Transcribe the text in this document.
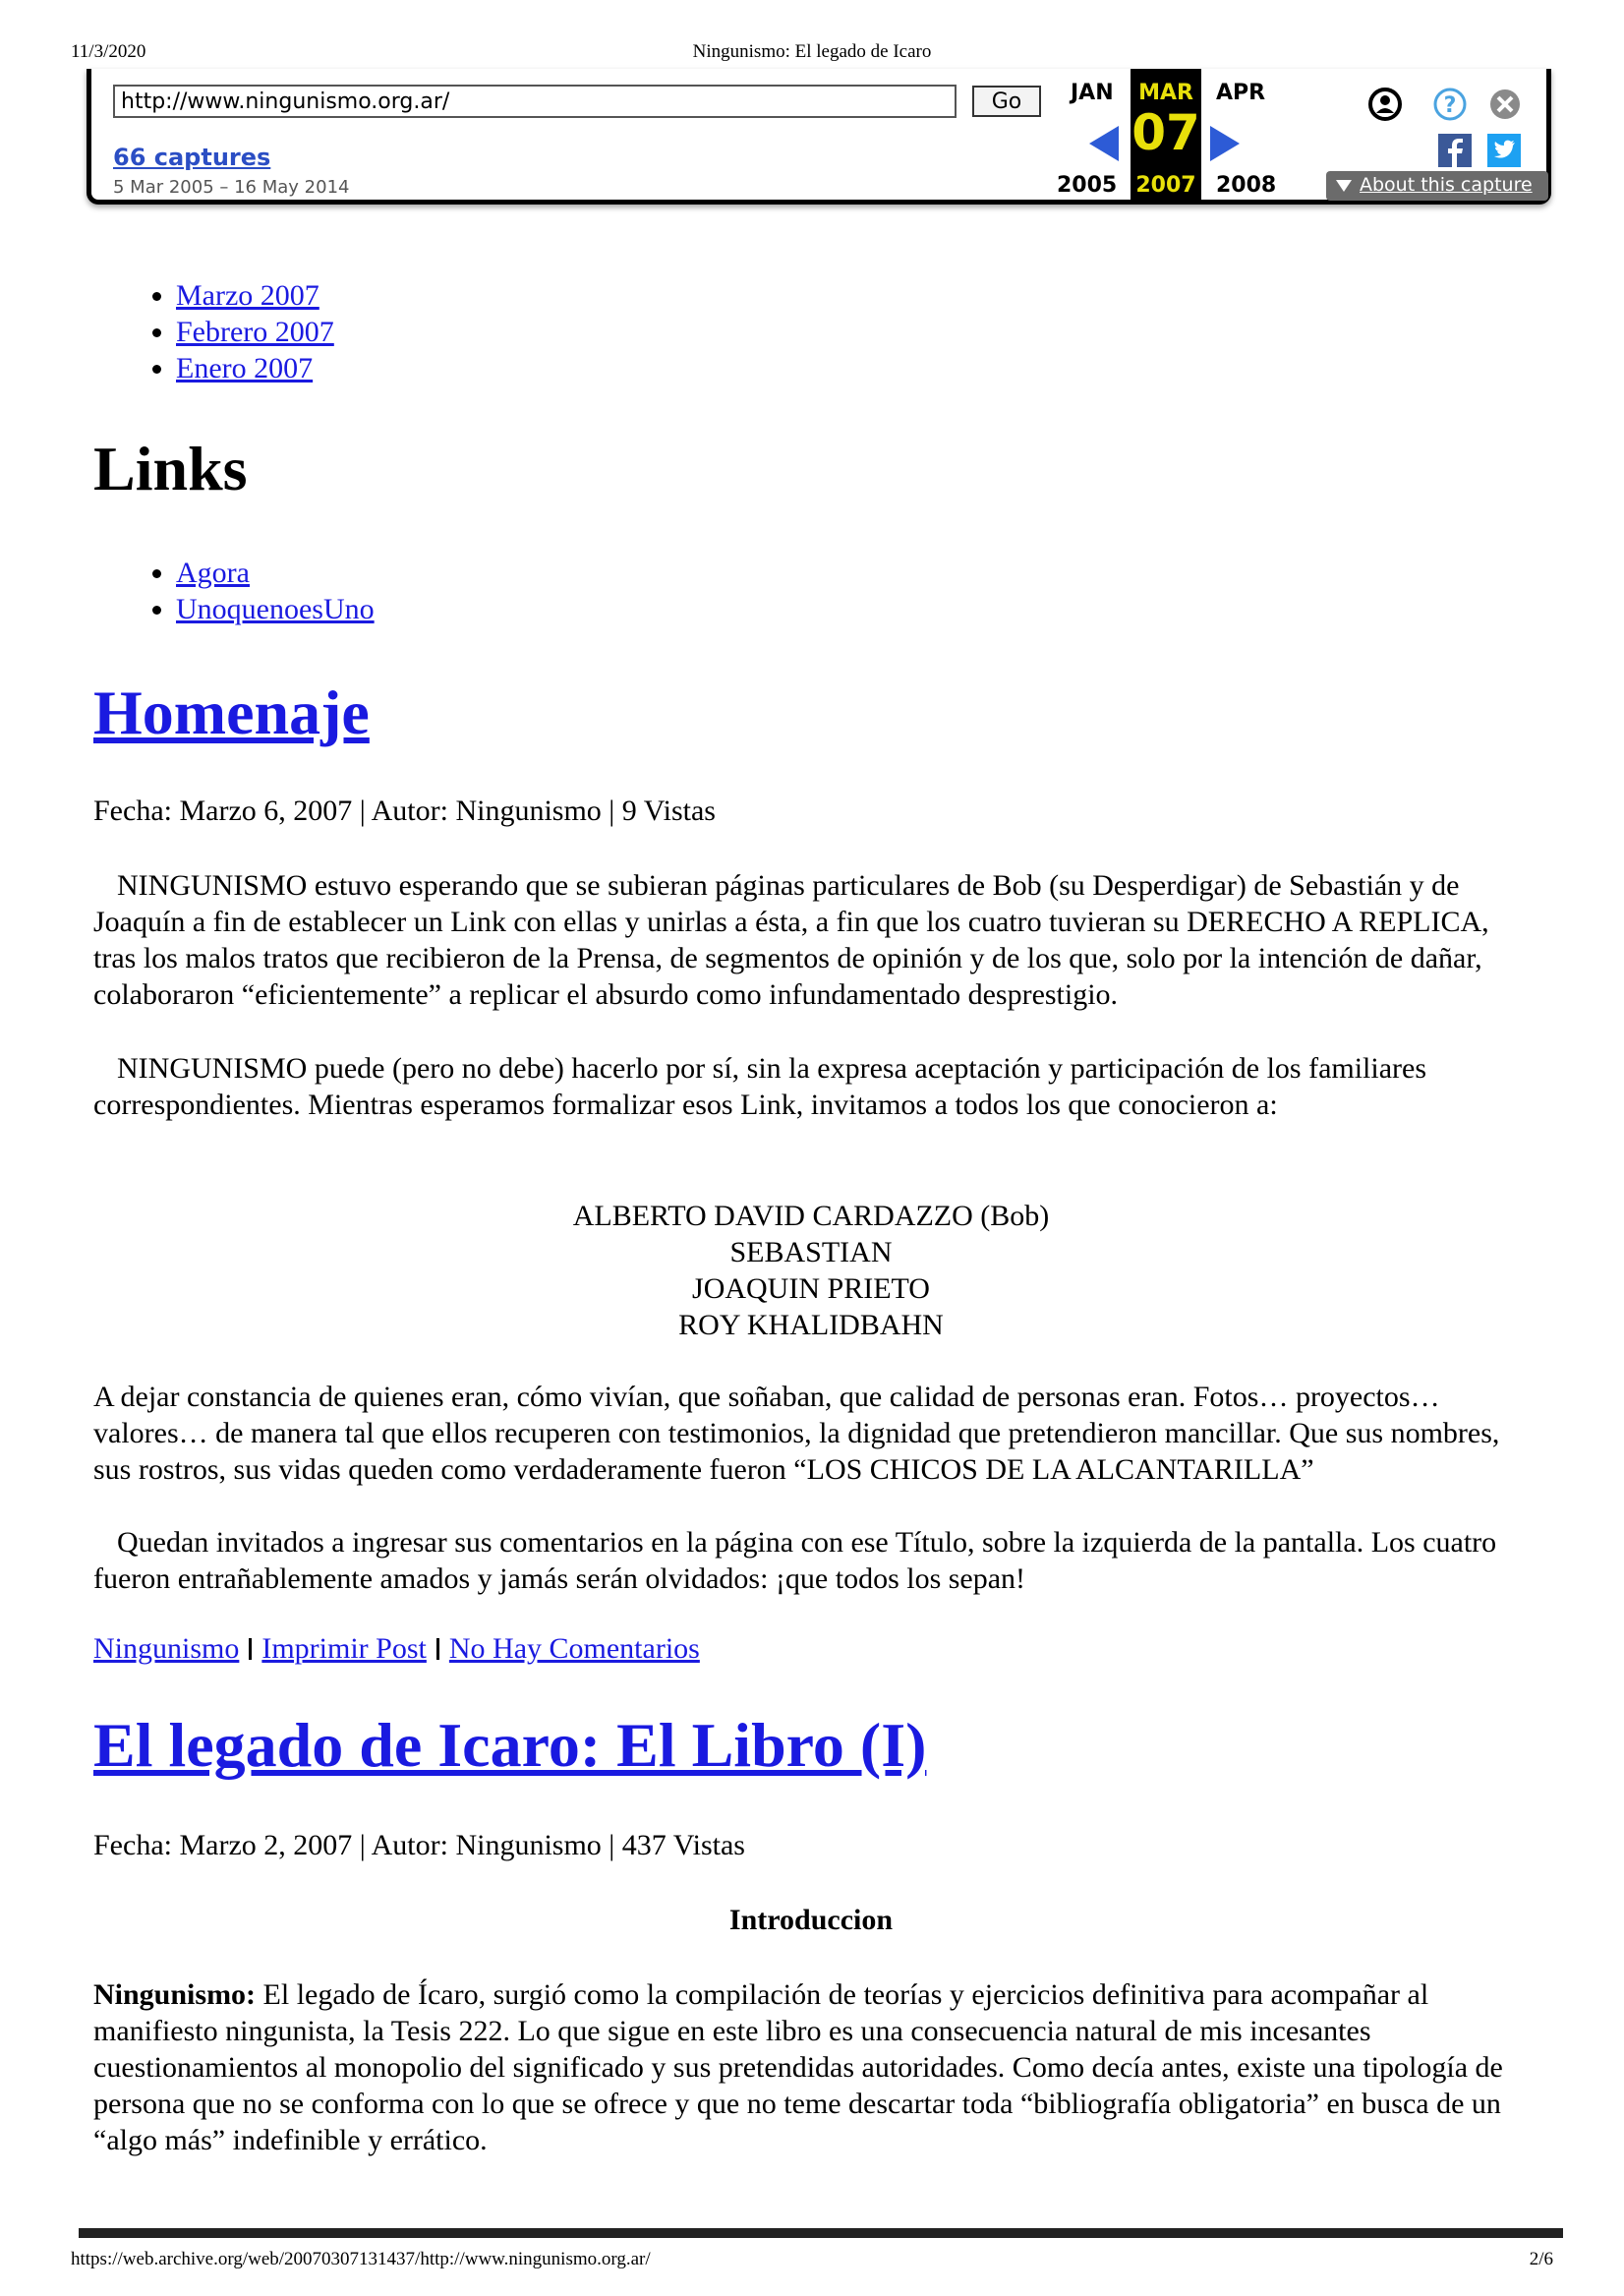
11/3/2020	Ningunismo: El legado de Icaro
http://www.ningunismo.org.ar/
Go
66 captures
5 Mar 2005 – 16 May 2014
JAN	MAR
07
2007
APR
2005	2008
?
About this capture
• Marzo 2007
• Febrero 2007
• Enero 2007
Links
• Agora
• UnoquenoesUno
Homenaje
Fecha: Marzo 6, 2007 | Autor: Ningunismo | 9 Vistas
NINGUNISMO estuvo esperando que se subieran páginas particulares de Bob (su Desperdigar) de Sebastián y de Joaquín a fin de establecer un Link con ellas y unirlas a ésta, a fin que los cuatro tuvieran su DERECHO A REPLICA, tras los malos tratos que recibieron de la Prensa, de segmentos de opinión y de los que, solo por la intención de dañar, colaboraron “eficientemente” a replicar el absurdo como infundamentado desprestigio.
NINGUNISMO puede (pero no debe) hacerlo por sí, sin la expresa aceptación y participación de los familiares correspondientes. Mientras esperamos formalizar esos Link, invitamos a todos los que conocieron a:
ALBERTO DAVID CARDAZZO (Bob)
SEBASTIAN
JOAQUIN PRIETO
ROY KHALIDBAHN
A dejar constancia de quienes eran, cómo vivían, que soñaban, que calidad de personas eran. Fotos… proyectos… valores… de manera tal que ellos recuperen con testimonios, la dignidad que pretendieron mancillar. Que sus nombres, sus rostros, sus vidas queden como verdaderamente fueron “LOS CHICOS DE LA ALCANTARILLA”
Quedan invitados a ingresar sus comentarios en la página con ese Título, sobre la izquierda de la pantalla. Los cuatro fueron entrañablemente amados y jamás serán olvidados: ¡que todos los sepan!
Ningunismo Imprimir Post No Hay Comentarios
El legado de Icaro: El Libro (I)
Fecha: Marzo 2, 2007 | Autor: Ningunismo | 437 Vistas
Introduccion
Ningunismo: El legado de Ícaro, surgió como la compilación de teorías y ejercicios definitiva para acompañar al manifiesto ningunista, la Tesis 222. Lo que sigue en este libro es una consecuencia natural de mis incesantes cuestionamientos al monopolio del significado y sus pretendidas autoridades. Como decía antes, existe una tipología de persona que no se conforma con lo que se ofrece y que no teme descartar toda “bibliografía obligatoria” en busca de un “algo más” indefinible y errático.
https://web.archive.org/web/20070307131437/http://www.ningunismo.org.ar/	2/6
